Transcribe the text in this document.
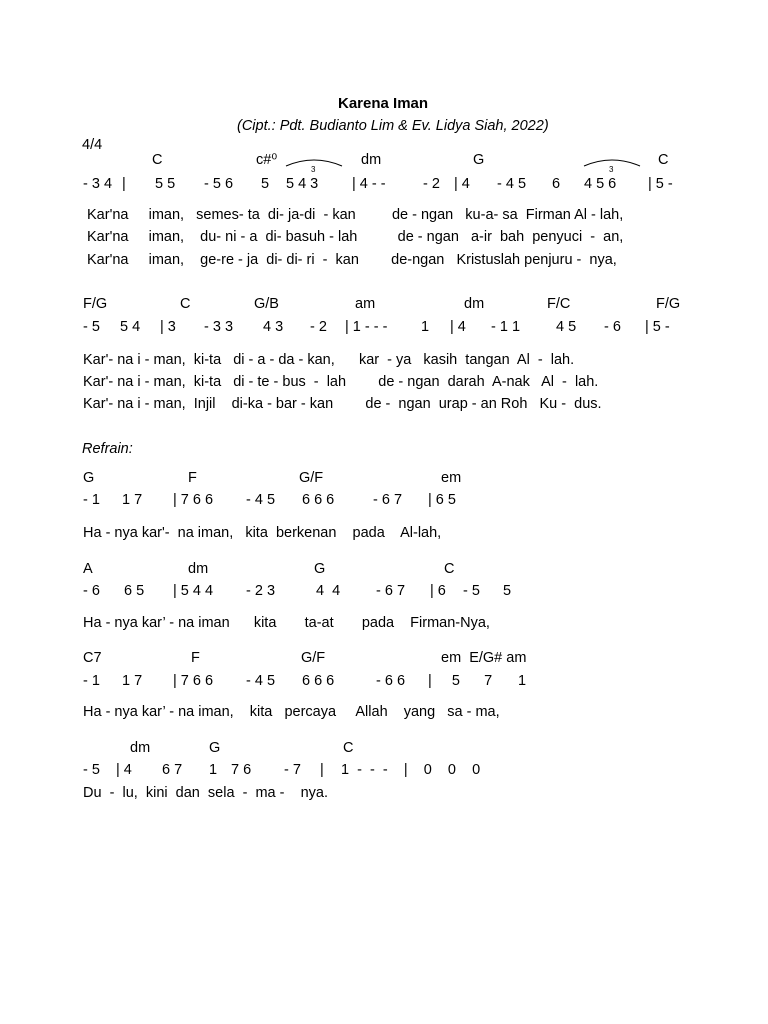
Karena Iman
(Cipt.: Pdt. Budianto Lim & Ev. Lidya Siah, 2022)
4/4
C	c#⁰	dm	G	C
- 3 4 | 5 5 - 5 6 5 5 4 3 | 4 - -	- 2 | 4 - 4 5 6 4 5 6 | 5 -
Kar'na     iman,   semes- ta  di- ja-di  - kan         de - ngan   ku-a- sa  Firman Al - lah,
Kar'na     iman,    du- ni - a  di- basuh - lah          de - ngan   a-ir  bah  penyuci  -  an,
Kar'na     iman,    ge-re - ja  di- di- ri  -  kan        de-ngan   Kristuslah penjuru -  nya,
F/G	C	G/B	am	dm	F/C	F/G
- 5 5 4 | 3 - 3 3 4 3 - 2 | 1 - - - 1 | 4 - 1 1 4 5 - 6 | 5 -
Kar'- na i - man,  ki-ta   di - a - da - kan,      kar  - ya   kasih  tangan  Al  -  lah.
Kar'- na i - man,  ki-ta   di - te - bus  -  lah        de - ngan  darah  A-nak   Al  -  lah.
Kar'- na i - man,  Injil    di-ka - bar - kan        de -  ngan  urap - an Roh   Ku -  dus.
Refrain:
G	F	G/F	em
- 1 1 7 | 7 6 6 - 4 5 6 6 6	- 6 7 | 6 5
Ha - nya kar'-  na iman,   kita  berkenan    pada    Al-lah,
A	dm	G	C
- 6 6 5 | 5 4 4 - 2 3	4  4 - 6 7 | 6 - 5 5
Ha - nya kar’ - na iman      kita       ta-at       pada    Firman-Nya,
C7	F	G/F	em  E/G# am
- 1 1 7 | 7 6 6 - 4 5 6 6 6	- 6 6 |     5      7 1
Ha - nya kar’ - na iman,    kita   percaya     Allah    yang   sa - ma,
dm	G	C
- 5 | 4 6 7 1 7 6 - 7 | 1  -  -  -    |    0    0    0
Du  -  lu,  kini  dan  sela  -  ma -    nya.
3	3
